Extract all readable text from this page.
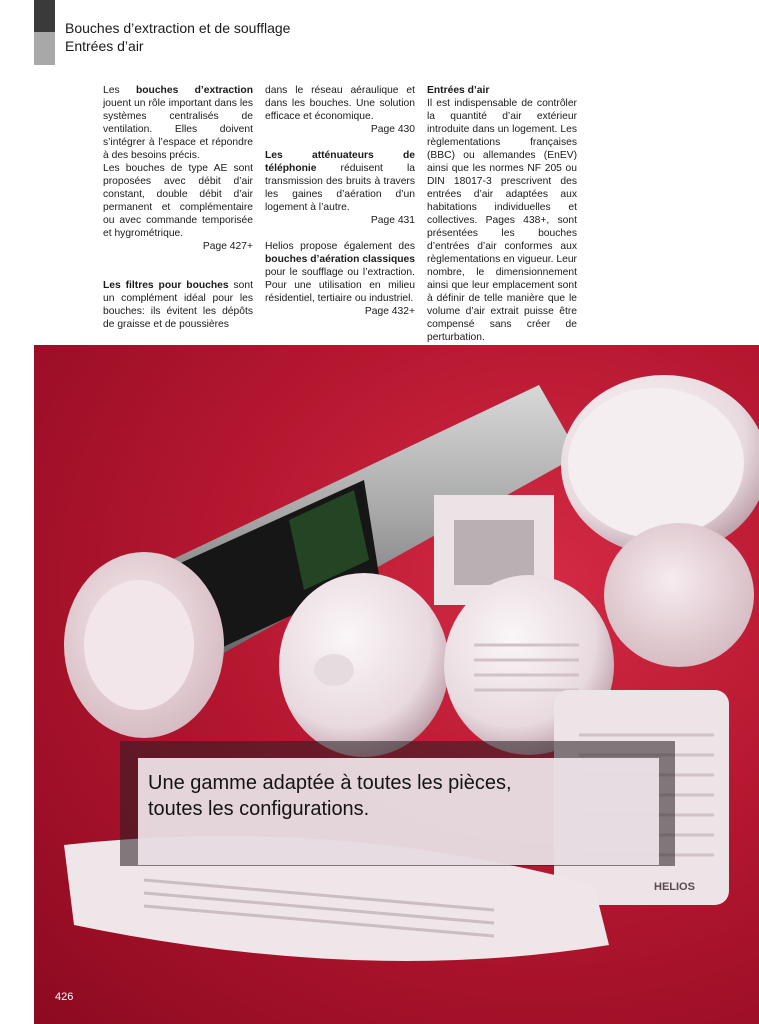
Bouches d’extraction et de soufflage
Entrées d’air

Les bouches d’extraction jouent un rôle important dans les systèmes centralisés de ventilation. Elles doivent s’intégrer à l’espace et répondre à des besoins précis.

Les bouches de type AE sont proposées avec débit d’air constant, double débit d’air permanent et complémentaire ou avec commande temporisée et hygrométrique.

Page 427+

Les filtres pour bouches sont un complément idéal pour les bouches: ils évitent les dépôts de graisse et de poussières

dans le réseau aéraulique et dans les bouches. Une solution efficace et économique.

Page 430

Les atténuateurs de téléphonie réduisent la transmission des bruits à travers les gaines d’aération d’un logement à l’autre.

Page 431

Helios propose également des bouches d’aération classiques pour le soufflage ou l’extraction. Pour une utilisation en milieu résidentiel, tertiaire ou industriel.

Page 432+

Entrées d’air

Il est indispensable de contrôler la quantité d’air extérieur introduite dans un logement. Les règlementations françaises (BBC) ou allemandes (EnEV) ainsi que les normes NF 205 ou DIN 18017-3 prescrivent des entrées d’air adaptées aux habitations individuelles et collectives. Pages 438+, sont présentées les bouches d’entrées d’air conformes aux règlementations en vigueur. Leur nombre, le dimensionnement ainsi que leur emplacement sont à définir de telle manière que le volume d’air extrait puisse être compensé sans créer de perturbation.

HELIOS
Une gamme adaptée à toutes les pièces,
toutes les configurations.
426
